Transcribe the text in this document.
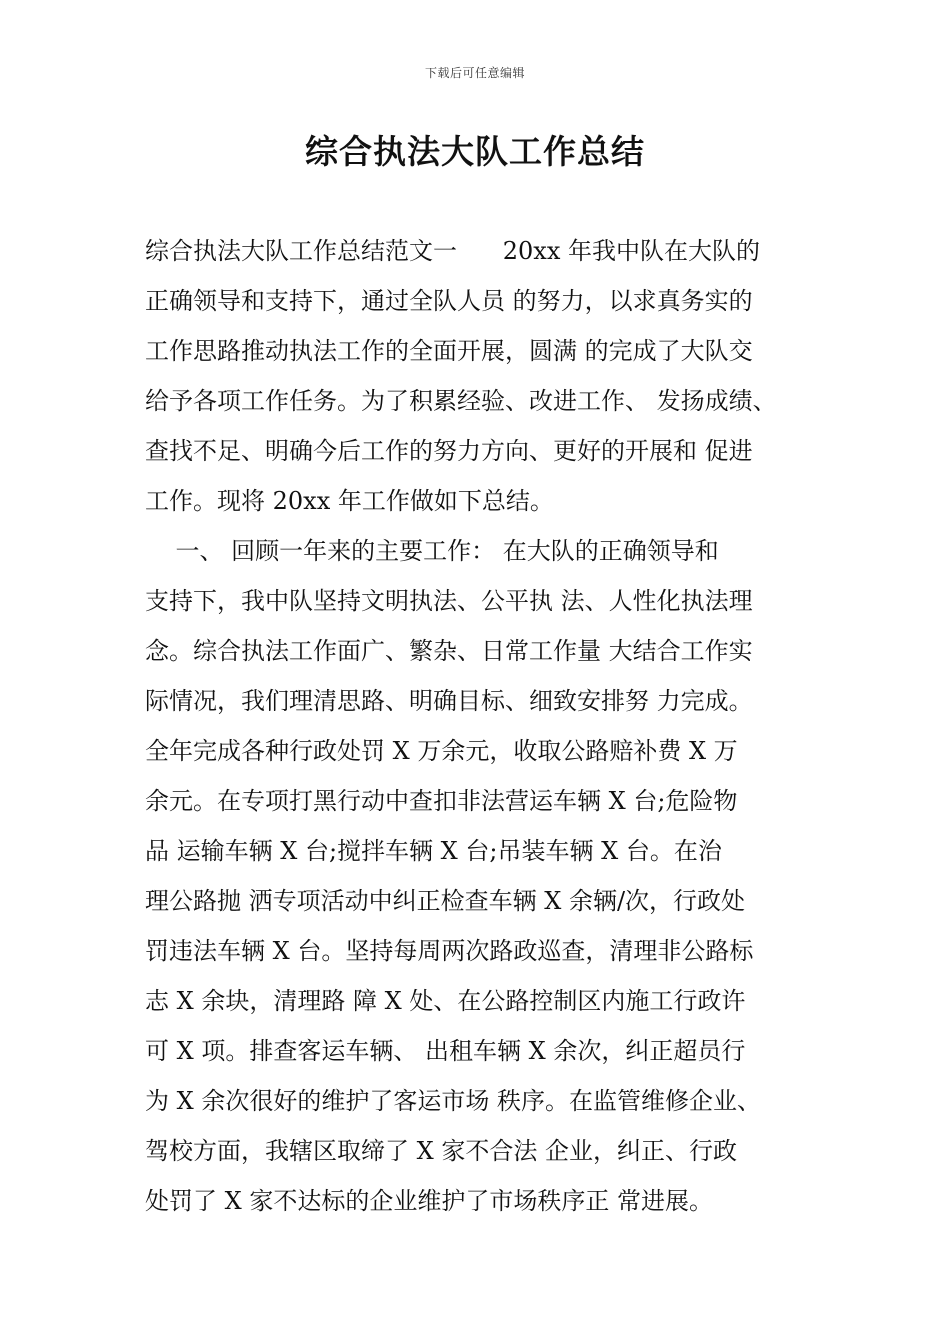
下载后可任意编辑
综合执法大队工作总结
综合执法大队工作总结范文一      20xx 年我中队在大队的
正确领导和支持下，通过全队人员 的努力，以求真务实的
工作思路推动执法工作的全面开展，圆满 的完成了大队交
给予各项工作任务。为了积累经验、改进工作、 发扬成绩、
查找不足、明确今后工作的努力方向、更好的开展和 促进
工作。现将 20xx 年工作做如下总结。
一、 回顾一年来的主要工作： 在大队的正确领导和
支持下，我中队坚持文明执法、公平执 法、人性化执法理
念。综合执法工作面广、繁杂、日常工作量 大结合工作实
际情况，我们理清思路、明确目标、细致安排努 力完成。
全年完成各种行政处罚 X 万余元，收取公路赔补费 X 万
余元。在专项打黑行动中查扣非法营运车辆 X 台;危险物
品 运输车辆 X 台;搅拌车辆 X 台;吊装车辆 X 台。在治
理公路抛 洒专项活动中纠正检查车辆 X 余辆/次，行政处
罚违法车辆 X 台。坚持每周两次路政巡查，清理非公路标
志 X 余块，清理路 障 X 处、在公路控制区内施工行政许
可 X 项。排查客运车辆、 出租车辆 X 余次，纠正超员行
为 X 余次很好的维护了客运市场 秩序。在监管维修企业、
驾校方面，我辖区取缔了 X 家不合法 企业，纠正、行政
处罚了 X 家不达标的企业维护了市场秩序正 常进展。
